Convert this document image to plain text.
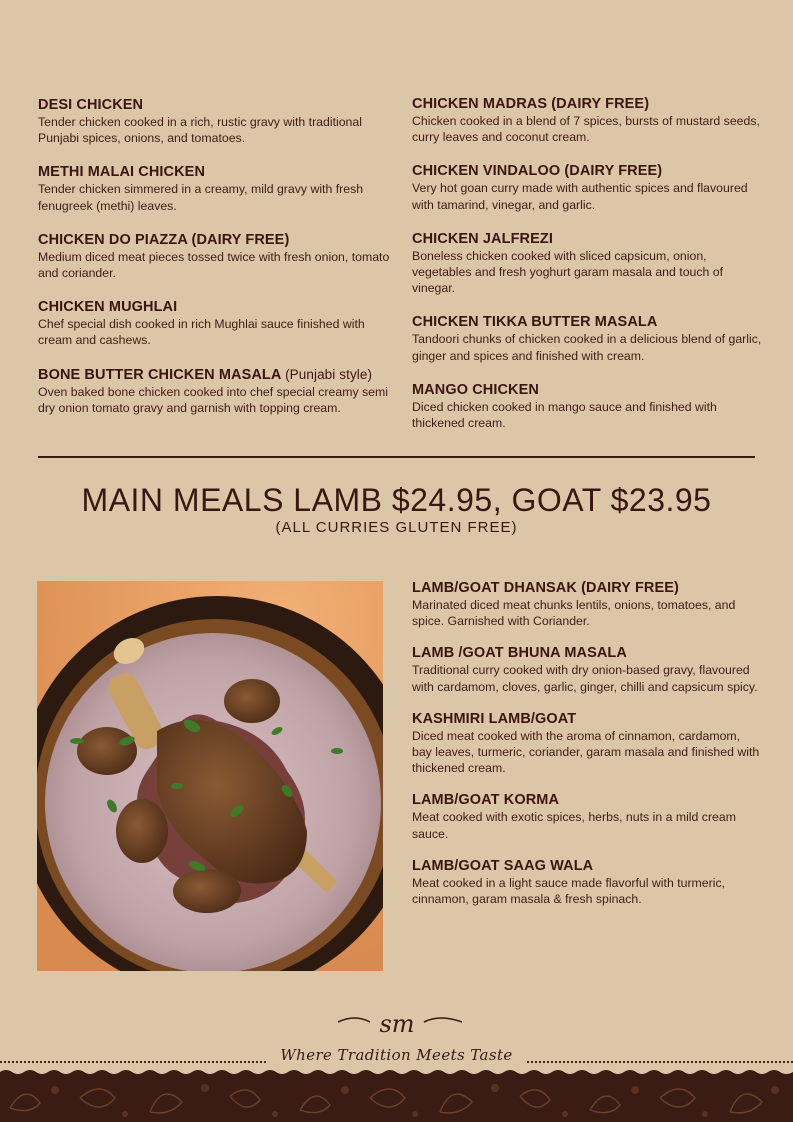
DESI CHICKEN
Tender chicken cooked in a rich, rustic gravy with traditional Punjabi spices, onions, and tomatoes.
METHI MALAI CHICKEN
Tender chicken simmered in a creamy, mild gravy with fresh fenugreek (methi) leaves.
CHICKEN DO PIAZZA (DAIRY FREE)
Medium diced meat pieces tossed twice with fresh onion, tomato and coriander.
CHICKEN MUGHLAI
Chef special dish cooked in rich Mughlai sauce finished with cream and cashews.
BONE BUTTER CHICKEN MASALA (Punjabi style)
Oven baked bone chicken cooked into chef special creamy semi dry onion tomato gravy and garnish with topping cream.
CHICKEN MADRAS (DAIRY FREE)
Chicken cooked in a blend of 7 spices, bursts of mustard seeds, curry leaves and coconut cream.
CHICKEN VINDALOO (DAIRY FREE)
Very hot goan curry made with authentic spices and flavoured with tamarind, vinegar, and garlic.
CHICKEN JALFREZI
Boneless chicken cooked with sliced capsicum, onion, vegetables and fresh yoghurt garam masala and touch of vinegar.
CHICKEN TIKKA BUTTER MASALA
Tandoori chunks of chicken cooked in a delicious blend of garlic, ginger and spices and finished with cream.
MANGO CHICKEN
Diced chicken cooked in mango sauce and finished with thickened cream.
MAIN MEALS LAMB $24.95, GOAT $23.95
(ALL CURRIES GLUTEN FREE)
LAMB/GOAT DHANSAK (DAIRY FREE)
Marinated diced meat chunks lentils, onions, tomatoes, and spice. Garnished with Coriander.
LAMB /GOAT BHUNA MASALA
Traditional curry cooked with dry onion-based gravy, flavoured with cardamom, cloves, garlic, ginger, chilli and capsicum spicy.
KASHMIRI LAMB/GOAT
Diced meat cooked with the aroma of cinnamon, cardamom, bay leaves, turmeric, coriander, garam masala and finished with thickened cream.
LAMB/GOAT KORMA
Meat cooked with exotic spices, herbs, nuts in a mild cream sauce.
LAMB/GOAT SAAG WALA
Meat cooked in a light sauce made flavorful with turmeric, cinnamon, garam masala & fresh spinach.
sm
Where Tradition Meets Taste
